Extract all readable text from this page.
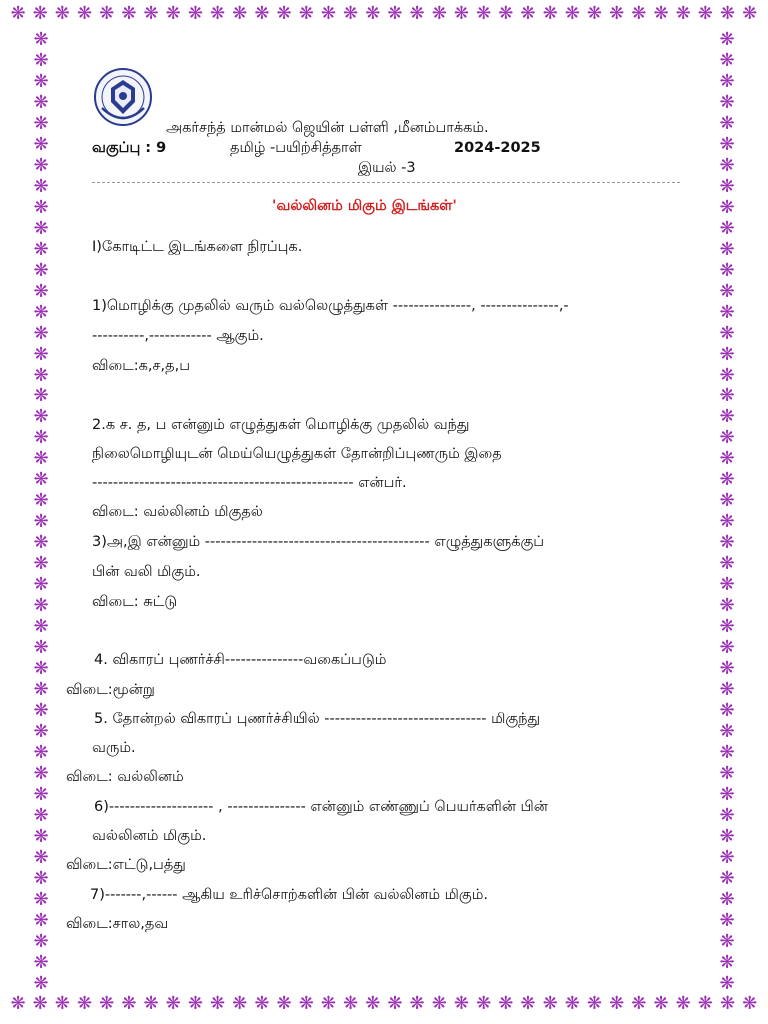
❋ ❋ ❋ ❋ ❋ ❋ ❋ ❋ ❋ ❋ ❋ ❋ ❋ ❋ ❋ ❋ ❋ ❋ ❋ ❋ ❋ ❋ ❋ ❋ ❋ ❋ ❋ ❋ ❋ ❋ ❋ ❋ ❋ ❋
❋ ❋ ❋ ❋ ❋ ❋ ❋ ❋ ❋ ❋ ❋ ❋ ❋ ❋ ❋ ❋ ❋ ❋ ❋ ❋ ❋ ❋ ❋ ❋ ❋ ❋ ❋ ❋ ❋ ❋ ❋ ❋ ❋ ❋
❋
❋
❋
❋
❋
❋
❋
❋
❋
❋
❋
❋
❋
❋
❋
❋
❋
❋
❋
❋
❋
❋
❋
❋
❋
❋
❋
❋
❋
❋
❋
❋
❋
❋
❋
❋
❋
❋
❋
❋
❋
❋
❋
❋
❋
❋
❋
❋
❋
❋
❋
❋
❋
❋
❋
❋
❋
❋
❋
❋
❋
❋
❋
❋
❋
❋
❋
❋
❋
❋
❋
❋
❋
❋
❋
❋
❋
❋
❋
❋
❋
❋
❋
❋
❋
❋
❋
❋
❋
❋
❋
❋
அகர்சந்த் மான்மல் ஜெயின் பள்ளி ,மீனம்பாக்கம்.
வகுப்பு : 9	தமிழ் -பயிற்சித்தாள்	2024-2025
இயல் -3
'வல்லினம் மிகும் இடங்கள்'
I)கோடிட்ட இடங்களை நிரப்புக.
1)மொழிக்கு முதலில் வரும் வல்லெழுத்துகள் ---------------, ---------------,-
----------,------------ ஆகும்.
விடை:க,ச,த,ப
2.க ச. த, ப என்னும் எழுத்துகள் மொழிக்கு முதலில் வந்து
நிலைமொழியுடன் மெய்யெழுத்துகள் தோன்றிப்புணரும் இதை
-------------------------------------------------- என்பர்.
விடை: வல்லினம் மிகுதல்
3)அ,இ என்னும் ------------------------------------------- எழுத்துகளுக்குப்
பின் வலி மிகும்.
விடை: சுட்டு
4. விகாரப் புணர்ச்சி---------------வகைப்படும்
விடை:மூன்று
5. தோன்றல் விகாரப் புணர்ச்சியில் ------------------------------- மிகுந்து
வரும்.
விடை: வல்லினம்
6)-------------------- , --------------- என்னும் எண்ணுப் பெயர்களின் பின்
வல்லினம் மிகும்.
விடை:எட்டு,பத்து
7)-------,------ ஆகிய உரிச்சொற்களின் பின் வல்லினம் மிகும்.
விடை:சால,தவ
